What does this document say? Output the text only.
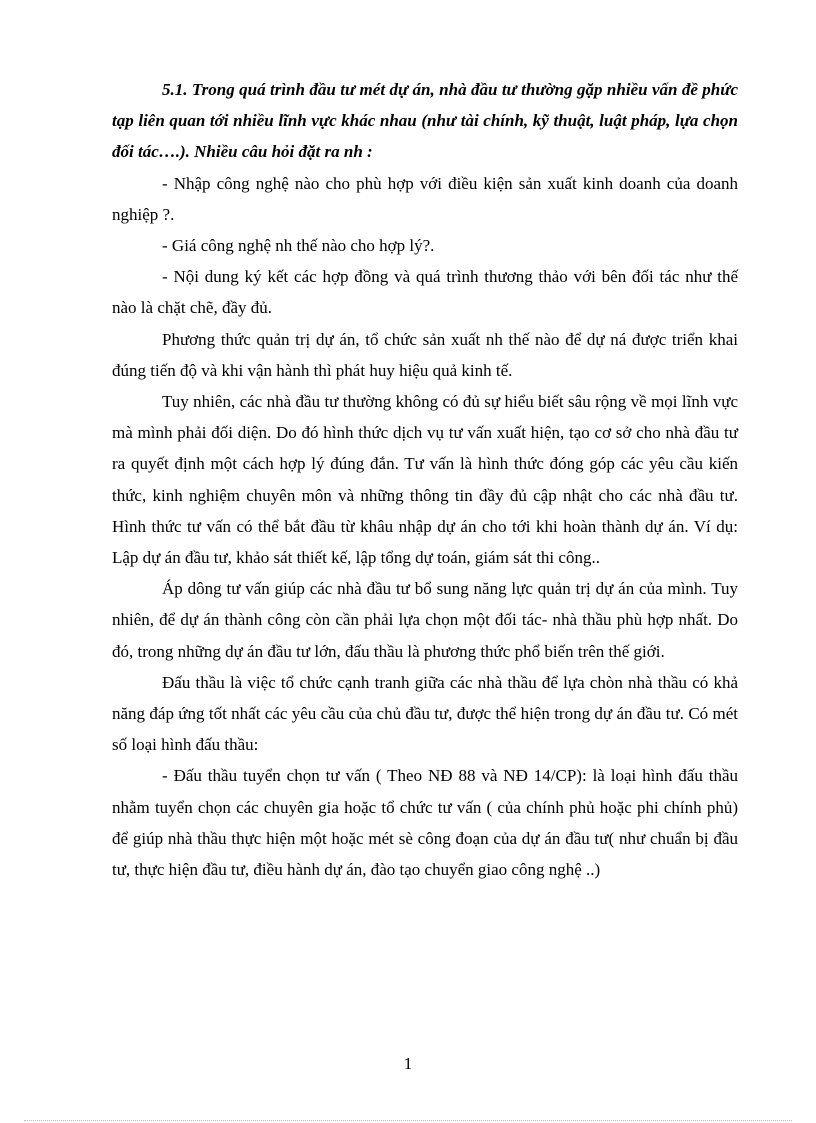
5.1. Trong quá trình đầu tư mét dự án, nhà đầu tư thường gặp nhiều vấn đề phức tạp liên quan tới nhiều lĩnh vực khác nhau (như tài chính, kỹ thuật, luật pháp, lựa chọn đối tác….). Nhiều câu hỏi đặt ra nh :

- Nhập công nghệ nào cho phù hợp với điều kiện sản xuất kinh doanh của doanh nghiệp ?.

- Giá công nghệ nh thế nào cho hợp lý?.

- Nội dung ký kết các hợp đồng và quá trình thương thảo với bên đối tác như thế nào là chặt chẽ, đầy đủ.

Phương thức quản trị dự án, tổ chức sản xuất nh thế nào để dự ná được triển khai đúng tiến độ và khi vận hành thì phát huy hiệu quả kinh tế.

Tuy nhiên, các nhà đầu tư thường không có đủ sự hiểu biết sâu rộng về mọi lĩnh vực mà mình phải đối diện. Do đó hình thức dịch vụ tư vấn xuất hiện, tạo cơ sở cho nhà đầu tư ra quyết định một cách hợp lý đúng đắn. Tư vấn là hình thức đóng góp các yêu cầu kiến thức, kinh nghiệm chuyên môn và những thông tin đầy đủ cập nhật cho các nhà đầu tư. Hình thức tư vấn có thể bắt đầu từ khâu nhập dự án cho tới khi hoàn thành dự án. Ví dụ: Lập dự án đầu tư, khảo sát thiết kế, lập tổng dự toán, giám sát thi công..

Áp dông tư vấn giúp các nhà đầu tư bổ sung năng lực quản trị dự án của mình. Tuy nhiên, để dự án thành công còn cần phải lựa chọn một đối tác- nhà thầu phù hợp nhất. Do đó, trong những dự án đầu tư lớn, đấu thầu là phương thức phổ biến trên thế giới.

Đấu thầu là việc tổ chức cạnh tranh giữa các nhà thầu để lựa chòn nhà thầu có khả năng đáp ứng tốt nhất các yêu cầu của chủ đầu tư, được thể hiện trong dự án đầu tư. Có mét số loại hình đấu thầu:

- Đấu thầu tuyển chọn tư vấn ( Theo NĐ 88 và NĐ 14/CP): là loại hình đấu thầu nhằm tuyển chọn các chuyên gia hoặc tổ chức tư vấn ( của chính phủ hoặc phi chính phủ) để giúp nhà thầu thực hiện một hoặc mét sè công đoạn của dự án đầu tư( như chuẩn bị đầu tư, thực hiện đầu tư, điều hành dự án, đào tạo chuyển giao công nghệ ..)

1
